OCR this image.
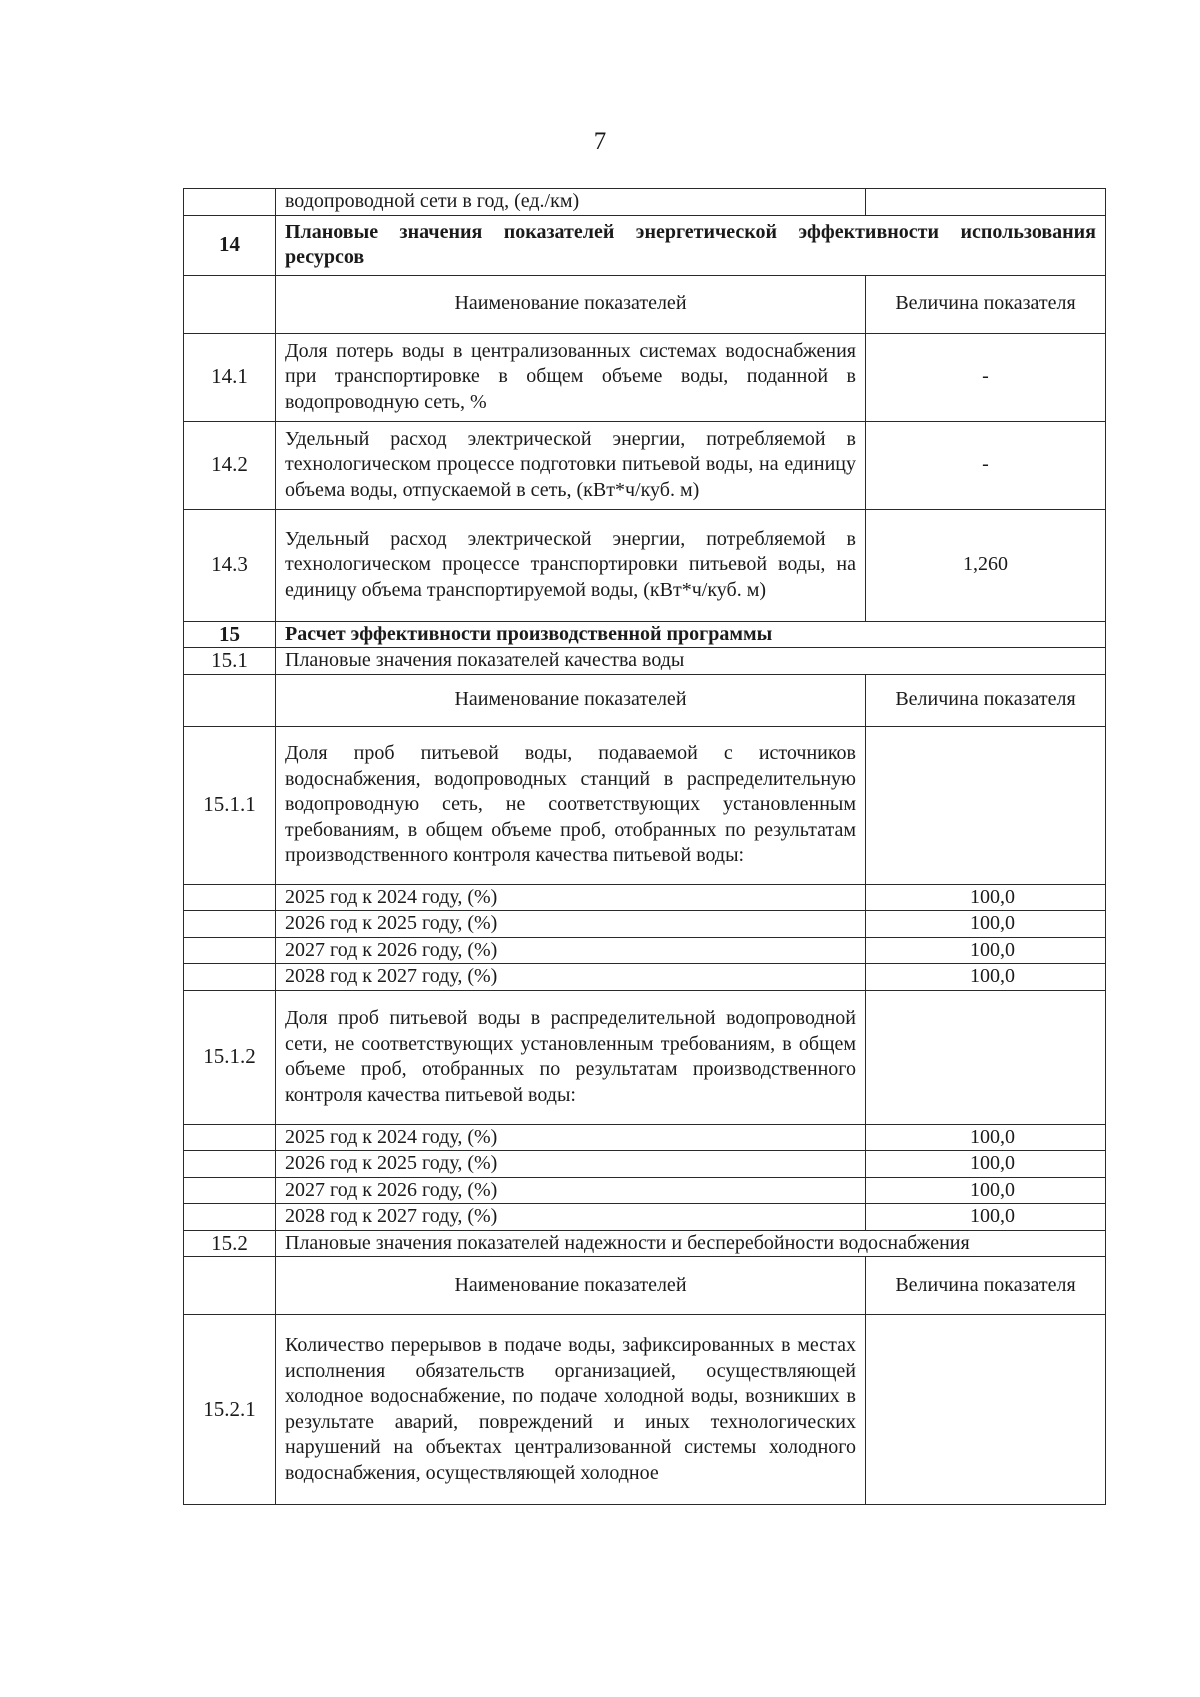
7
	водопроводной сети в год, (ед./км)	
14	Плановые значения показателей энергетической эффективности использования ресурсов	
	Наименование показателей	Величина показателя
14.1	Доля потерь воды в централизованных системах водоснабжения при транспортировке в общем объеме воды, поданной в водопроводную сеть, %	-
14.2	Удельный расход электрической энергии, потребляемой в технологическом процессе подготовки питьевой воды, на единицу объема воды, отпускаемой в сеть, (кВт*ч/куб. м)	-
14.3	Удельный расход электрической энергии, потребляемой в технологическом процессе транспортировки питьевой воды, на единицу объема транспортируемой воды, (кВт*ч/куб. м)	1,260
15	Расчет эффективности производственной программы	
15.1	Плановые значения показателей качества воды	
	Наименование показателей	Величина показателя
15.1.1	Доля проб питьевой воды, подаваемой с источников водоснабжения, водопроводных станций в распределительную водопроводную сеть, не соответствующих установленным требованиям, в общем объеме проб, отобранных по результатам производственного контроля качества питьевой воды:	
	2025 год к 2024 году, (%)	100,0
	2026 год к 2025 году, (%)	100,0
	2027 год к 2026 году, (%)	100,0
	2028 год к 2027 году, (%)	100,0
15.1.2	Доля проб питьевой воды в распределительной водопроводной сети, не соответствующих установленным требованиям, в общем объеме проб, отобранных по результатам производственного контроля качества питьевой воды:	
	2025 год к 2024 году, (%)	100,0
	2026 год к 2025 году, (%)	100,0
	2027 год к 2026 году, (%)	100,0
	2028 год к 2027 году, (%)	100,0
15.2	Плановые значения показателей надежности и бесперебойности водоснабжения	
	Наименование показателей	Величина показателя
15.2.1	Количество перерывов в подаче воды, зафиксированных в местах исполнения обязательств организацией, осуществляющей холодное водоснабжение, по подаче холодной воды, возникших в результате аварий, повреждений и иных технологических нарушений на объектах централизованной системы холодного водоснабжения, осуществляющей холодное	
